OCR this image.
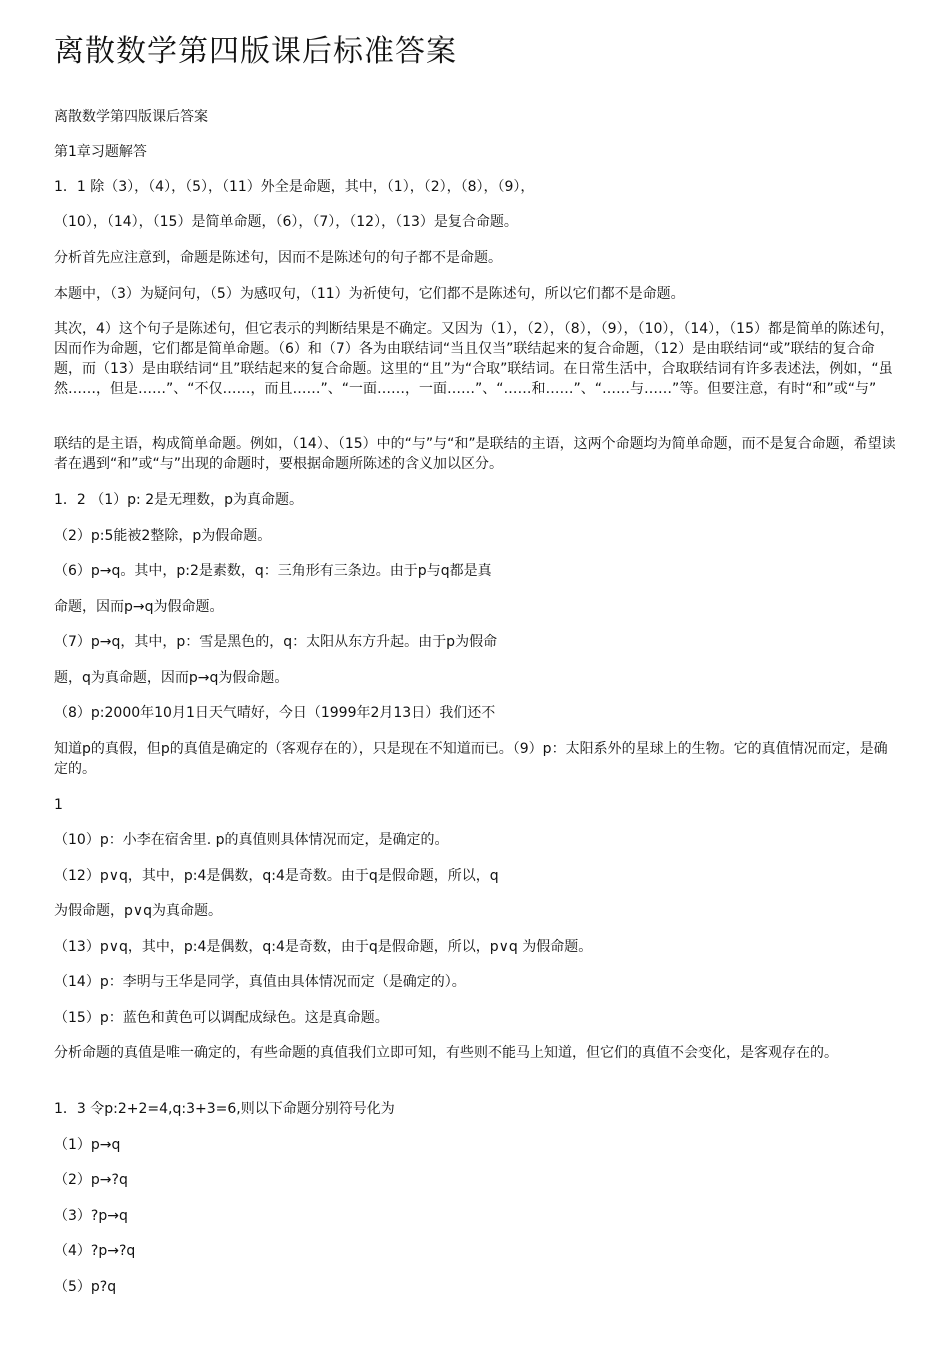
离散数学第四版课后标准答案

离散数学第四版课后答案

第1章习题解答

1．1 除（3），（4），（5），（11）外全是命题，其中，（1），（2），（8），（9），

（10），（14），（15）是简单命题，（6），（7），（12），（13）是复合命题。

分析首先应注意到，命题是陈述句，因而不是陈述句的句子都不是命题。

本题中，（3）为疑问句，（5）为感叹句，（11）为祈使句，它们都不是陈述句，所以它们都不是命题。

其次，4）这个句子是陈述句，但它表示的判断结果是不确定。又因为（1），（2），（8），（9），（10），（14），（15）都是简单的陈述句，因而作为命题，它们都是简单命题。（6）和（7）各为由联结词“当且仅当”联结起来的复合命题，（12）是由联结词“或”联结的复合命题，而（13）是由联结词“且”联结起来的复合命题。这里的“且”为“合取”联结词。在日常生活中，合取联结词有许多表述法，例如，“虽然……，但是……”、“不仅……，而且……”、“一面……，一面……”、“……和……”、“……与……”等。但要注意，有时“和”或“与”

联结的是主语，构成简单命题。例如，（14）、（15）中的“与”与“和”是联结的主语，这两个命题均为简单命题，而不是复合命题，希望读者在遇到“和”或“与”出现的命题时，要根据命题所陈述的含义加以区分。

1．2 （1）p: 2是无理数，p为真命题。

（2）p:5能被2整除，p为假命题。

（6）p→q。其中，p:2是素数，q：三角形有三条边。由于p与q都是真

命题，因而p→q为假命题。

（7）p→q，其中，p：雪是黑色的，q：太阳从东方升起。由于p为假命

题，q为真命题，因而p→q为假命题。

（8）p:2000年10月1日天气晴好，今日（1999年2月13日）我们还不

知道p的真假，但p的真值是确定的（客观存在的），只是现在不知道而已。（9）p：太阳系外的星球上的生物。它的真值情况而定，是确定的。

1

（10）p：小李在宿舍里. p的真值则具体情况而定，是确定的。

（12）p∨q，其中，p:4是偶数，q:4是奇数。由于q是假命题，所以，q

为假命题，p∨q为真命题。

（13）p∨q，其中，p:4是偶数，q:4是奇数，由于q是假命题，所以，p∨q 为假命题。

（14）p：李明与王华是同学，真值由具体情况而定（是确定的）。

（15）p：蓝色和黄色可以调配成绿色。这是真命题。

分析命题的真值是唯一确定的，有些命题的真值我们立即可知，有些则不能马上知道，但它们的真值不会变化，是客观存在的。

1．3 令p:2+2=4,q:3+3=6,则以下命题分别符号化为

（1）p→q

（2）p→?q

（3）?p→q

（4）?p→?q

（5）p?q
